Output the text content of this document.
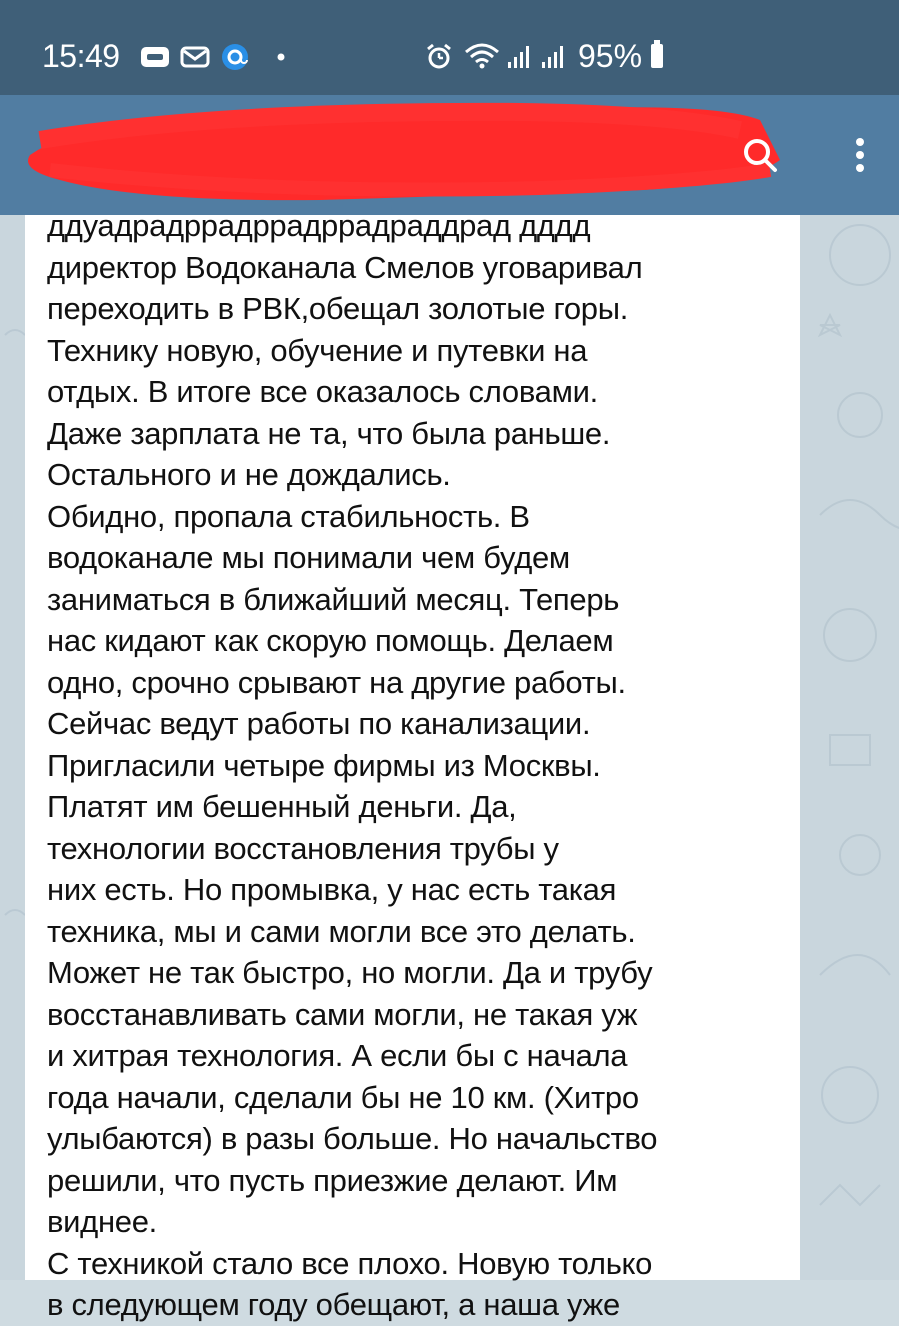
15:49	95%

ддуадрадррадррадррадраддрад дддд
директор Водоканала Смелов уговаривал
переходить в РВК,обещал золотые горы.
Технику новую, обучение и путевки на
отдых. В итоге все оказалось словами.
Даже зарплата не та, что была раньше.
Остального и не дождались.
Обидно, пропала стабильность. В
водоканале мы понимали чем будем
заниматься в ближайший месяц. Теперь
нас кидают как скорую помощь. Делаем
одно, срочно срывают на другие работы.
Сейчас ведут работы по канализации.
Пригласили четыре фирмы из Москвы.
Платят им бешенный деньги. Да,
технологии восстановления трубы у
них есть. Но промывка, у нас есть такая
техника, мы и сами могли все это делать.
Может не так быстро, но могли. Да и трубу
восстанавливать сами могли, не такая уж
и хитрая технология. А если бы с начала
года начали, сделали бы не 10 км. (Хитро
улыбаются) в разы больше. Но начальство
решили, что пусть приезжие делают. Им
виднее.
С техникой стало все плохо. Новую только
в следующем году обещают, а наша уже
